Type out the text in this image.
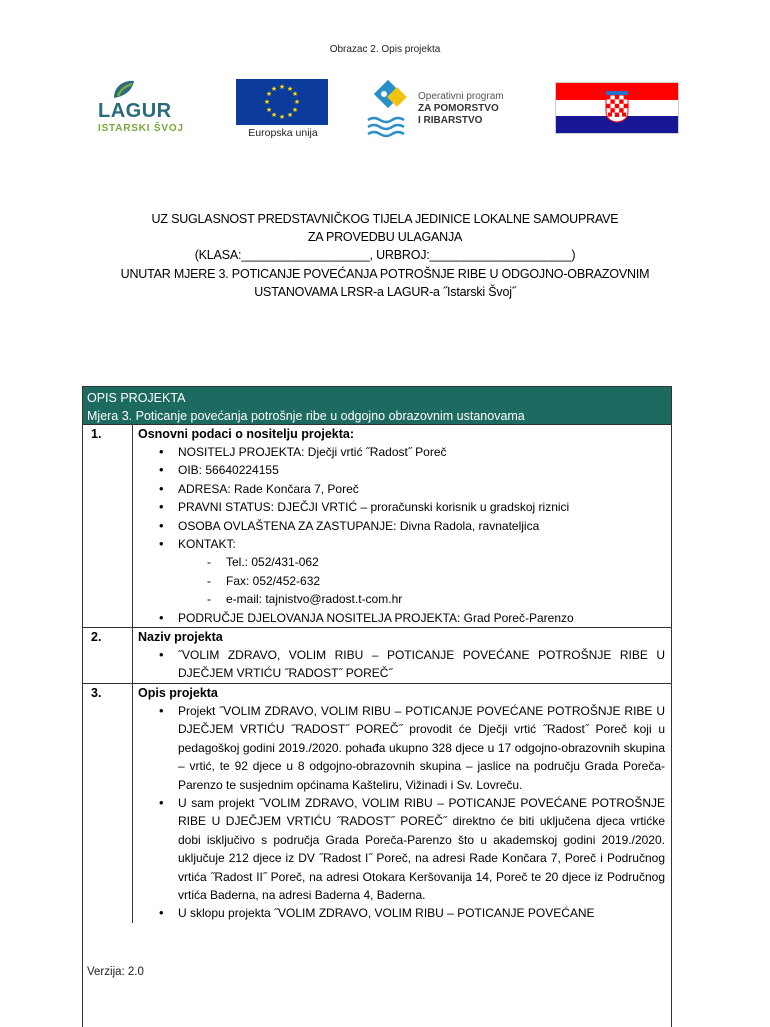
Obrazac 2. Opis projekta
LAGUR
ISTARSKI ŠVOJ
★ ★
★
★
★
★
★
★
★
★
★
★
Europska unija
Operativni program
ZA POMORSTVO
I RIBARSTVO
UZ SUGLASNOST PREDSTAVNIČKOG TIJELA JEDINICE LOKALNE SAMOUPRAVE
ZA PROVEDBU ULAGANJA
(KLASA:___________________, URBROJ:_____________________)
UNUTAR MJERE 3. POTICANJE POVEĆANJA POTROŠNJE RIBE U ODGOJNO-OBRAZOVNIM
USTANOVAMA LRSR-a LAGUR-a ˝Istarski Švoj˝
OPIS PROJEKTA
Mjera 3. Poticanje povećanja potrošnje ribe u odgojno obrazovnim ustanovama
1.	Osnovni podaci o nositelju projekta:
• NOSITELJ PROJEKTA: Dječji vrtić ˝Radost˝ Poreč
• OIB: 56640224155
• ADRESA: Rade Končara 7, Poreč
• PRAVNI STATUS: DJEČJI VRTIĆ – proračunski korisnik u gradskoj riznici
• OSOBA OVLAŠTENA ZA ZASTUPANJE: Divna Radola, ravnateljica
• KONTAKT:
- Tel.: 052/431-062
- Fax: 052/452-632
- e-mail: tajnistvo@radost.t-com.hr
• PODRUČJE DJELOVANJA NOSITELJA PROJEKTA: Grad Poreč-Parenzo
2.	Naziv projekta
• ˝VOLIM ZDRAVO, VOLIM RIBU – POTICANJE POVEĆANE POTROŠNJE RIBE U DJEČJEM VRTIĆU ˝RADOST˝ POREČ˝
3.	Opis projekta
• Projekt ˝VOLIM ZDRAVO, VOLIM RIBU – POTICANJE POVEĆANE POTROŠNJE RIBE U DJEČJEM VRTIĆU ˝RADOST˝ POREČ˝ provodit će Dječji vrtić ˝Radost˝ Poreč koji u pedagoškoj godini 2019./2020. pohađa ukupno 328 djece u 17 odgojno-obrazovnih skupina – vrtić, te 92 djece u 8 odgojno-obrazovnih skupina – jaslice na području Grada Poreča-Parenzo te susjednim općinama Kašteliru, Vižinadi i Sv. Lovreču.
• U sam projekt ˝VOLIM ZDRAVO, VOLIM RIBU – POTICANJE POVEĆANE POTROŠNJE RIBE U DJEČJEM VRTIĆU ˝RADOST˝ POREČ˝ direktno će biti uključena djeca vrtićke dobi isključivo s područja Grada Poreča-Parenzo što u akademskoj godini 2019./2020. uključuje 212 djece iz DV ˝Radost I˝ Poreč, na adresi Rade Končara 7, Poreč i Područnog vrtića ˝Radost II˝ Poreč, na adresi Otokara Keršovanija 14, Poreč te 20 djece iz Područnog vrtića Baderna, na adresi Baderna 4, Baderna.
• U sklopu projekta ˝VOLIM ZDRAVO, VOLIM RIBU – POTICANJE POVEĆANE
Verzija: 2.0
